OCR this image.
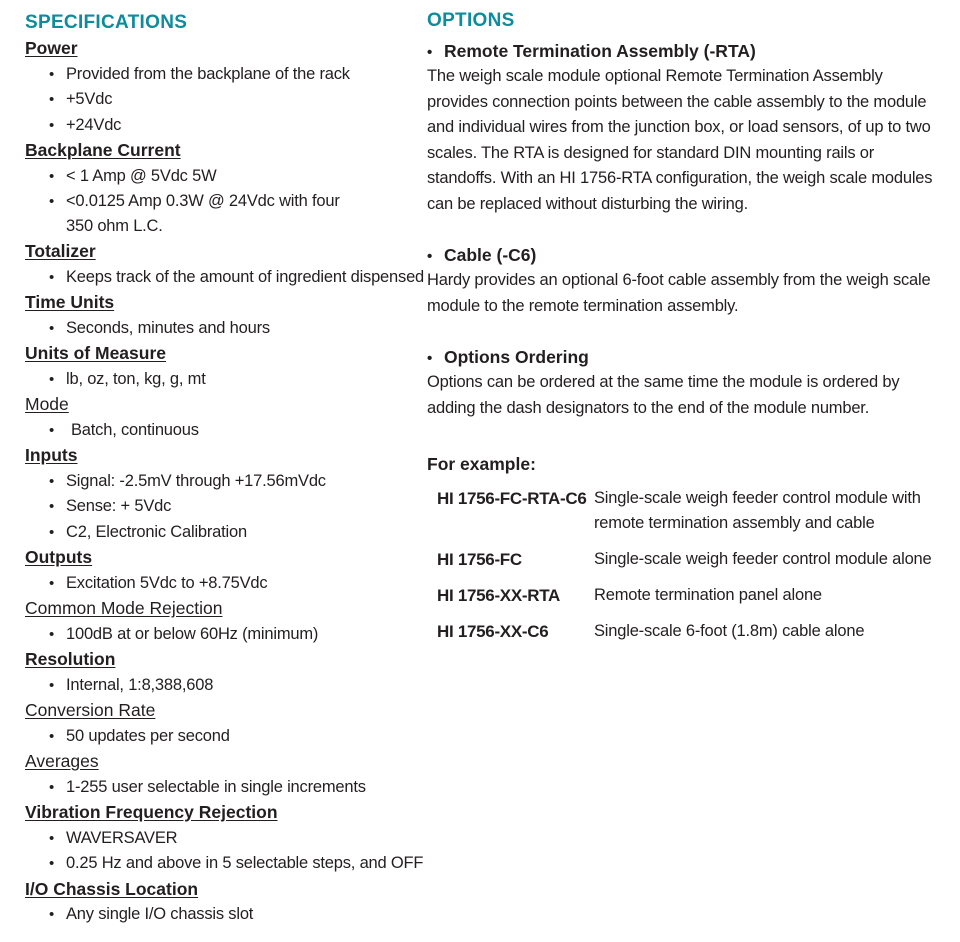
SPECIFICATIONS
Power
• Provided from the backplane of the rack
• +5Vdc
• +24Vdc
Backplane Current
• < 1 Amp @ 5Vdc 5W
• <0.0125 Amp 0.3W @ 24Vdc with four 350 ohm L.C.
Totalizer
• Keeps track of the amount of ingredient dispensed
Time Units
• Seconds, minutes and hours
Units of Measure
• lb, oz, ton, kg, g, mt
Mode
• Batch, continuous
Inputs
• Signal: -2.5mV through +17.56mVdc
• Sense: + 5Vdc
• C2, Electronic Calibration
Outputs
• Excitation 5Vdc to +8.75Vdc
Common Mode Rejection
• 100dB at or below 60Hz (minimum)
Resolution
• Internal, 1:8,388,608
Conversion Rate
• 50 updates per second
Averages
• 1-255 user selectable in single increments
Vibration Frequency Rejection
• WAVERSAVER
• 0.25 Hz and above in 5 selectable steps, and OFF
I/O Chassis Location
• Any single I/O chassis slot
OPTIONS
• Remote Termination Assembly (-RTA)
The weigh scale module optional Remote Termination Assembly provides connection points between the cable assembly to the module and individual wires from the junction box, or load sensors, of up to two scales. The RTA is designed for standard DIN mounting rails or standoffs. With an HI 1756-RTA configuration, the weigh scale modules can be replaced without disturbing the wiring.
• Cable (-C6)
Hardy provides an optional 6-foot cable assembly from the weigh scale module to the remote termination assembly.
• Options Ordering
Options can be ordered at the same time the module is ordered by adding the dash designators to the end of the module number.
For example:
HI 1756-FC-RTA-C6 Single-scale weigh feeder control module with remote termination assembly and cable
HI 1756-FC	Single-scale weigh feeder control module alone
HI 1756-XX-RTA	Remote termination panel alone
HI 1756-XX-C6	Single-scale 6-foot (1.8m) cable alone
